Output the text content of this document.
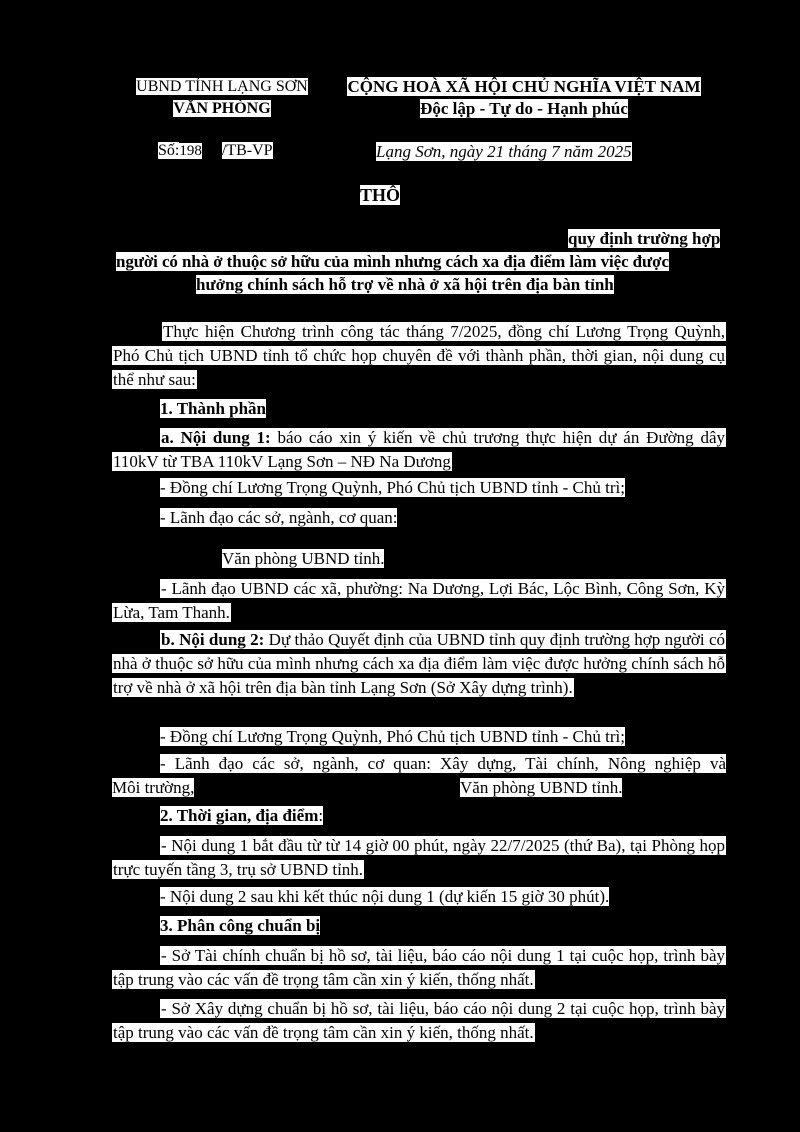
UBND TỈNH LẠNG SƠN
VĂN PHÒNG
CỘNG HOÀ XÃ HỘI CHỦ NGHĨA VIỆT NAM
Độc lập - Tự do - Hạnh phúc
Số:198 /TB-VP	Lạng Sơn, ngày 21 tháng 7 năm 2025
THÔ
quy định trường hợp
người có nhà ở thuộc sở hữu của mình nhưng cách xa địa điểm làm việc được
hưởng chính sách hỗ trợ về nhà ở xã hội trên địa bàn tỉnh
Thực hiện Chương trình công tác tháng 7/2025, đồng chí Lương Trọng Quỳnh, Phó Chủ tịch UBND tỉnh tổ chức họp chuyên đề với thành phần, thời gian, nội dung cụ thể như sau:
1. Thành phần
a. Nội dung 1: báo cáo xin ý kiến về chủ trương thực hiện dự án Đường dây 110kV từ TBA 110kV Lạng Sơn – NĐ Na Dương
- Đồng chí Lương Trọng Quỳnh, Phó Chủ tịch UBND tỉnh - Chủ trì;
- Lãnh đạo các sở, ngành, cơ quan:
Văn phòng UBND tỉnh.
- Lãnh đạo UBND các xã, phường: Na Dương, Lợi Bác, Lộc Bình, Công Sơn, Kỳ Lừa, Tam Thanh.
b. Nội dung 2: Dự thảo Quyết định của UBND tỉnh quy định trường hợp người có nhà ở thuộc sở hữu của mình nhưng cách xa địa điểm làm việc được hưởng chính sách hỗ trợ về nhà ở xã hội trên địa bàn tỉnh Lạng Sơn (Sở Xây dựng trình).
- Đồng chí Lương Trọng Quỳnh, Phó Chủ tịch UBND tỉnh - Chủ trì;
- Lãnh đạo các sở, ngành, cơ quan: Xây dựng, Tài chính, Nông nghiệp và
Môi trường,	Văn phòng UBND tỉnh.
2. Thời gian, địa điểm:
- Nội dung 1 bắt đầu từ từ 14 giờ 00 phút, ngày 22/7/2025 (thứ Ba), tại Phòng họp trực tuyến tầng 3, trụ sở UBND tỉnh.
- Nội dung 2 sau khi kết thúc nội dung 1 (dự kiến 15 giờ 30 phút).
3. Phân công chuẩn bị
- Sở Tài chính chuẩn bị hồ sơ, tài liệu, báo cáo nội dung 1 tại cuộc họp, trình bày tập trung vào các vấn đề trọng tâm cần xin ý kiến, thống nhất.
- Sở Xây dựng chuẩn bị hồ sơ, tài liệu, báo cáo nội dung 2 tại cuộc họp, trình bày tập trung vào các vấn đề trọng tâm cần xin ý kiến, thống nhất.
